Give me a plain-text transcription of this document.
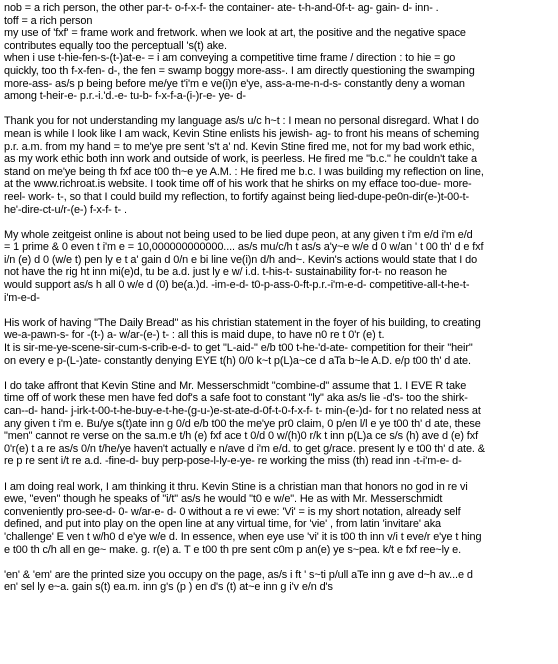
nob = a rich person, the other par-t- o-f-x-f- the container- ate- t-h-and-0f-t- ag- gain- d- inn- .
toff = a rich person
my use of 'fxf' = frame work and fretwork. when we look at art, the positive and the negative space
contributes equally too the perceptuall 's(t) ake.
when i use t-hie-fen-s-(t-)at-e- = i am conveying a competitive time frame / direction : to hie = go
quickly, too th f-x-fen- d-, the fen = swamp boggy more-ass-. I am directly questioning the swamping
more-ass- as/s p being before me/ye t'i'm e ve(i)n e'ye, ass-a-me-n-d-s- constantly deny a woman
among t-heir-e- p.r.-i.'d.-e- tu-b- f-x-f-a-(i-)r-e- ye- d-
Thank you for not understanding my language as/s u/c h~t : I mean no personal disregard. What I do
mean is while I look like I am wack, Kevin Stine enlists his jewish- ag- to front his means of scheming
p.r. a.m. from my hand = to me'ye pre sent 's't a' nd. Kevin Stine fired me, not for my bad work ethic,
as my work ethic both inn work and outside of work, is peerless. He fired me "b.c." he couldn't take a
stand on me'ye being th fxf ace t00 th~e ye A.M. : He fired me b.c. I was building my reflection on line,
at the www.richroat.is website. I took time off of his work that he shirks on my efface too-due- more-
reel- work- t-, so that I could build my reflection, to fortify against being lied-dupe-pe0n-dir(e-)t-00-t-
he'-dire-ct-u/r-(e-) f-x-f- t- .
My whole zeitgeist online is about not being used to be lied dupe peon, at any given t i'm e/d i'm e/d
= 1 prime & 0 even t i'm e = 10,000000000000.... as/s mu/c/h t as/s a'y~e w/e d 0 w/an ' t 00 th' d e fxf
i/n (e) d 0 (w/e t) pen ly e t a' gain d 0/n e bi line ve(i)n d/h and~. Kevin's actions would state that I do
not have the rig ht inn mi(e)d, tu be a.d. just ly e w/ i.d. t-his-t- sustainability for-t- no reason he
would support as/s h all 0 w/e d (0) be(a.)d. -im-e-d- t0-p-ass-0-ft-p.r.-i'm-e-d- competitive-all-t-he-t-
i'm-e-d-
His work of having "The Daily Bread" as his christian statement in the foyer of his building, to creating
we-a-pawn-s- for -(t-) a- w/ar-(e-) t- : all this is maid dupe, to have n0 re t 0'r (e) t.
It is sir-me-ye-scene-sir-cum-s-crib-e-d- to get "L-aid-" e/b t00 t-he-'d-ate- competition for their "heir"
on every e p-(L-)ate- constantly denying EYE t(h) 0/0 k~t p(L)a~ce d aTa b~le A.D. e/p t00 th' d ate.
I do take affront that Kevin Stine and Mr. Messerschmidt "combine-d" assume that 1. I EVE R take
time off of work these men have fed dof's a safe foot to constant "ly" aka as/s lie -d's- too the shirk-
can--d- hand- j-irk-t-00-t-he-buy-e-t-he-(g-u-)e-st-ate-d-0f-t-0-f-x-f- t- min-(e-)d- for t no related ness at
any given t i'm e. Bu/ye s(t)ate inn g 0/d e/b t00 the me'ye pr0 claim, 0 p/en l/l e ye t00 th' d ate, these
"men" cannot re verse on the sa.m.e t/h (e) fxf ace t 0/d 0 w/(h)0 r/k t inn p(L)a ce s/s (h) ave d (e) fxf
0'r(e) t a re as/s 0/n t/he/ye haven't actually e n/ave d i'm e/d. to get g/race. present ly e t00 th' d ate. &
re p re sent i/t re a.d. -fine-d- buy perp-pose-l-ly-e-ye- re working the miss (th) read inn -t-i'm-e- d-
I am doing real work, I am thinking it thru. Kevin Stine is a christian man that honors no god in re vi
ewe, "even" though he speaks of "i/t" as/s he would "t0 e w/e". He as with Mr. Messerschmidt
conveniently pro-see-d- 0- w/ar-e- d- 0 without a re vi ewe: 'Vi' = is my short notation, already self
defined, and put into play on the open line at any virtual time, for 'vie' , from latin 'invitare' aka
'challenge' E ven t w/h0 d e'ye w/e d. In essence, when eye use 'vi' it is t00 th inn v/i t eve/r e'ye t hing
e t00 th c/h all en ge~ make. g. r(e) a. T e t00 th pre sent c0m p an(e) ye s~pea. k/t e fxf ree~ly e.
'en' & 'em' are the printed size you occupy on the page, as/s i ft ' s~ti p/ull aTe inn g ave d~h av...e d
en' sel ly e~a. gain s(t) ea.m. inn g's (p ) en d's (t) at~e inn g i'v e/n d's
